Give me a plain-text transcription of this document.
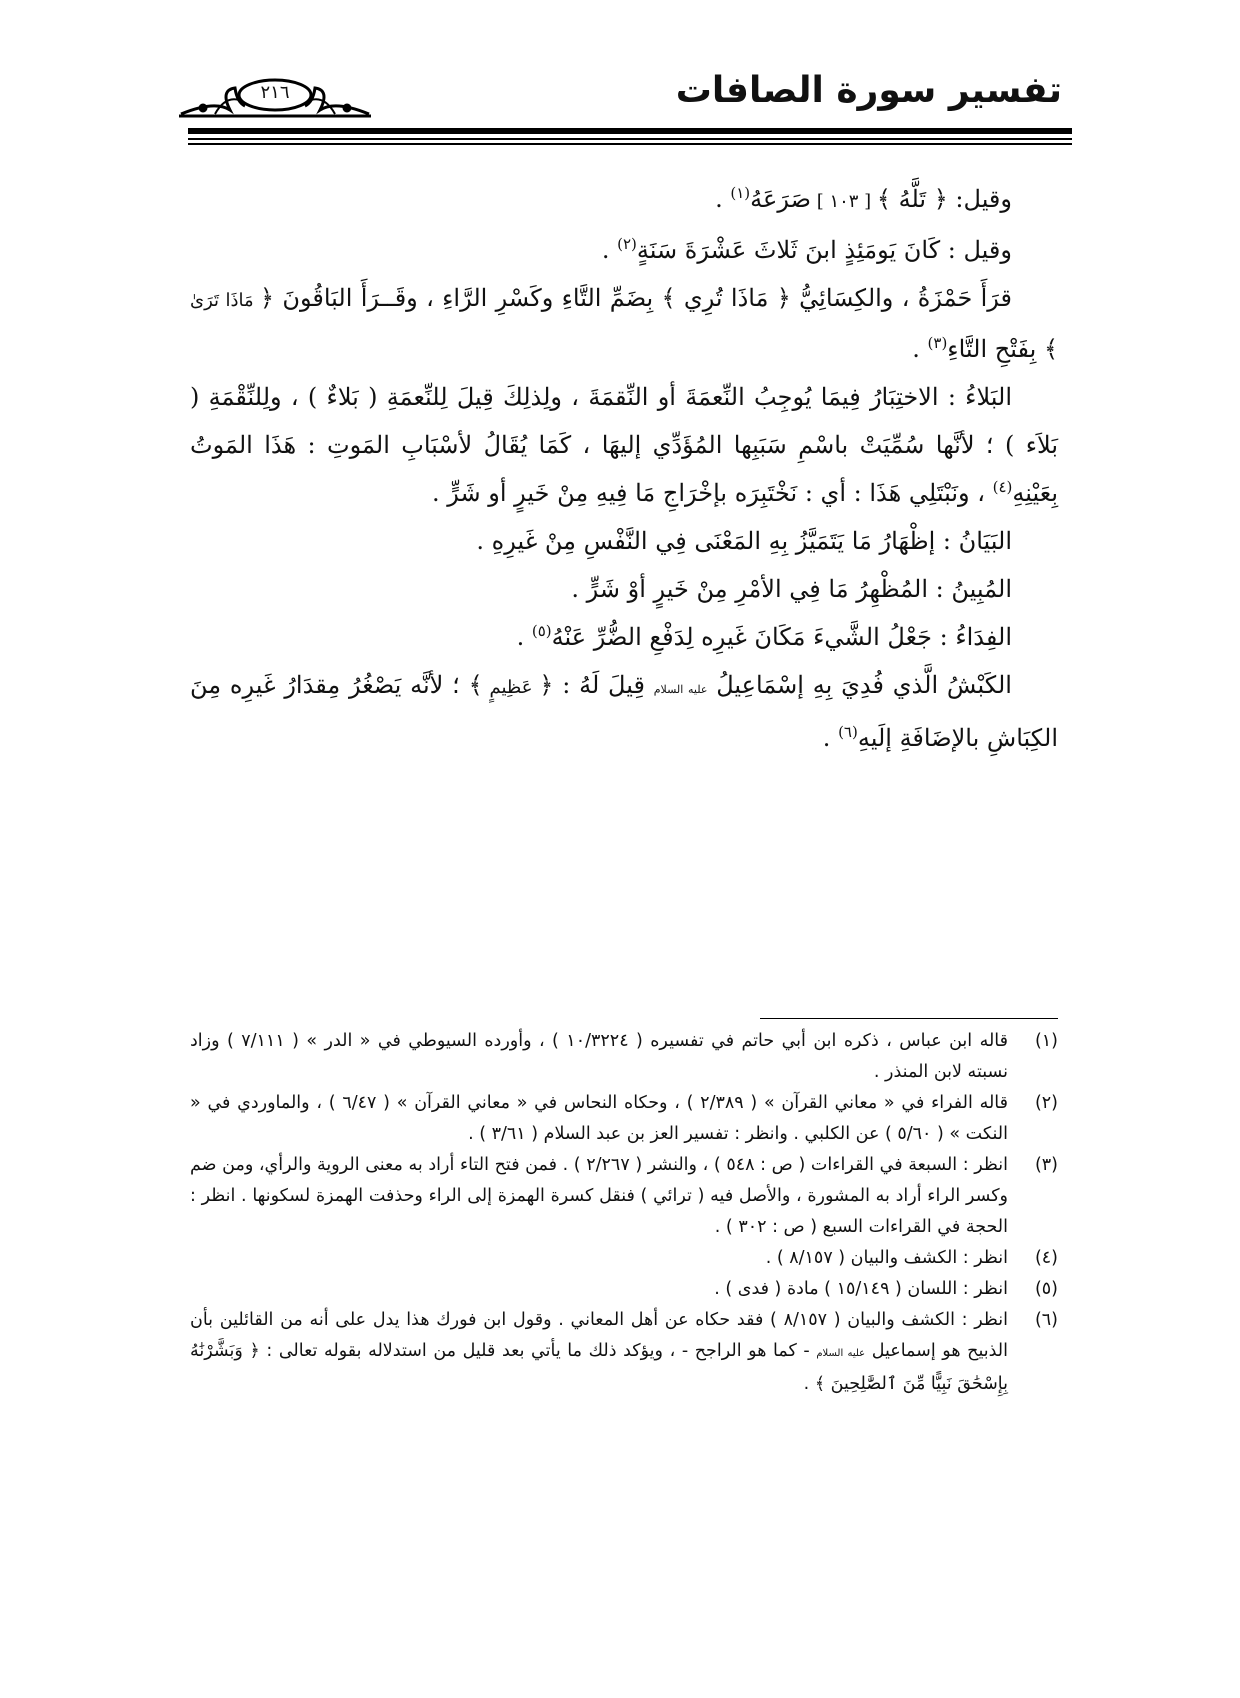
تفسير سورة الصافات
٢١٦

وقيل: ﴿ تَلَّهُ ﴾ [ ١٠٣ ] صَرَعَهُ$^{(١)}$ .

وقيل : كَانَ يَومَئِذٍ ابنَ ثَلاثَ عَشْرَةَ سَنَةٍ$^{(٢)}$ .

قرَأَ حَمْزَةُ ، والكِسَائِيُّ ﴿ مَاذَا تُرِي ﴾ بِضَمِّ التَّاءِ وكَسْرِ الرَّاءِ ، وقَــرَأَ البَاقُونَ ﴿ مَاذَا تَرَىٰ ﴾ بِفَتْحِ التَّاءِ$^{(٣)}$ .

البَلاءُ : الاختِبَارُ فِيمَا يُوجِبُ النِّعمَةَ أو النِّقمَةَ ، ولِذلِكَ قِيلَ لِلنِّعمَةِ ( بَلاءٌ ) ، ولِلنِّقْمَةِ ( بَلاَء ) ؛ لأنَّها سُمِّيَتْ باسْمِ سَبَبِها المُؤَدِّي إليهَا ، كَمَا يُقَالُ لأسْبَابِ المَوتِ : هَذَا المَوتُ بِعَيْنِهِ$^{(٤)}$ ، ونَبْتَلِي هَذَا : أي : نَخْتَبِرَه بإخْرَاجِ مَا فِيهِ مِنْ خَيرٍ أو شَرٍّ .

البَيَانُ : إظْهَارُ مَا يَتَمَيَّزُ بِهِ المَعْنَى فِي النَّفْسِ مِنْ غَيرِهِ .

المُبِينُ : المُظْهِرُ مَا فِي الأمْرِ مِنْ خَيرٍ أوْ شَرٍّ .

الفِدَاءُ : جَعْلُ الشَّيءَ مَكَانَ غَيرِه لِدَفْعِ الضُّرِّ عَنْهُ$^{(٥)}$ .

الكَبْشُ الَّذي فُدِيَ بِهِ إسْمَاعِيلُ عليه السلام قِيلَ لَهُ : ﴿ عَظِيمٍ ﴾ ؛ لأنَّه يَصْغُرُ مِقدَارُ غَيرِه مِنَ الكِبَاشِ بالإضَافَةِ إلَيهِ$^{(٦)}$ .

(١)
قاله ابن عباس ، ذكره ابن أبي حاتم في تفسيره ( ١٠/٣٢٢٤ ) ، وأورده السيوطي في « الدر » ( ٧/١١١ ) وزاد نسبته لابن المنذر .

(٢)
قاله الفراء في « معاني القرآن » ( ٢/٣٨٩ ) ، وحكاه النحاس في « معاني القرآن » ( ٦/٤٧ ) ، والماوردي في « النكت » ( ٥/٦٠ ) عن الكلبي . وانظر : تفسير العز بن عبد السلام ( ٣/٦١ ) .

(٣)
انظر : السبعة في القراءات ( ص : ٥٤٨ ) ، والنشر ( ٢/٢٦٧ ) . فمن فتح التاء أراد به معنى الروية والرأي، ومن ضم وكسر الراء أراد به المشورة ، والأصل فيه ( ترائي ) فنقل كسرة الهمزة إلى الراء وحذفت الهمزة لسكونها . انظر : الحجة في القراءات السبع ( ص : ٣٠٢ ) .

(٤)
انظر : الكشف والبيان ( ٨/١٥٧ ) .

(٥)
انظر : اللسان ( ١٥/١٤٩ ) مادة ( فدى ) .

(٦)
انظر : الكشف والبيان ( ٨/١٥٧ ) فقد حكاه عن أهل المعاني . وقول ابن فورك هذا يدل على أنه من القائلين بأن الذبيح هو إسماعيل عليه السلام - كما هو الراجح - ، ويؤكد ذلك ما يأتي بعد قليل من استدلاله بقوله تعالى : ﴿ وَبَشَّرْنَٰهُ بِإِسْحَٰقَ نَبِيًّا مِّنَ ٱلصَّٰلِحِينَ ﴾ .
